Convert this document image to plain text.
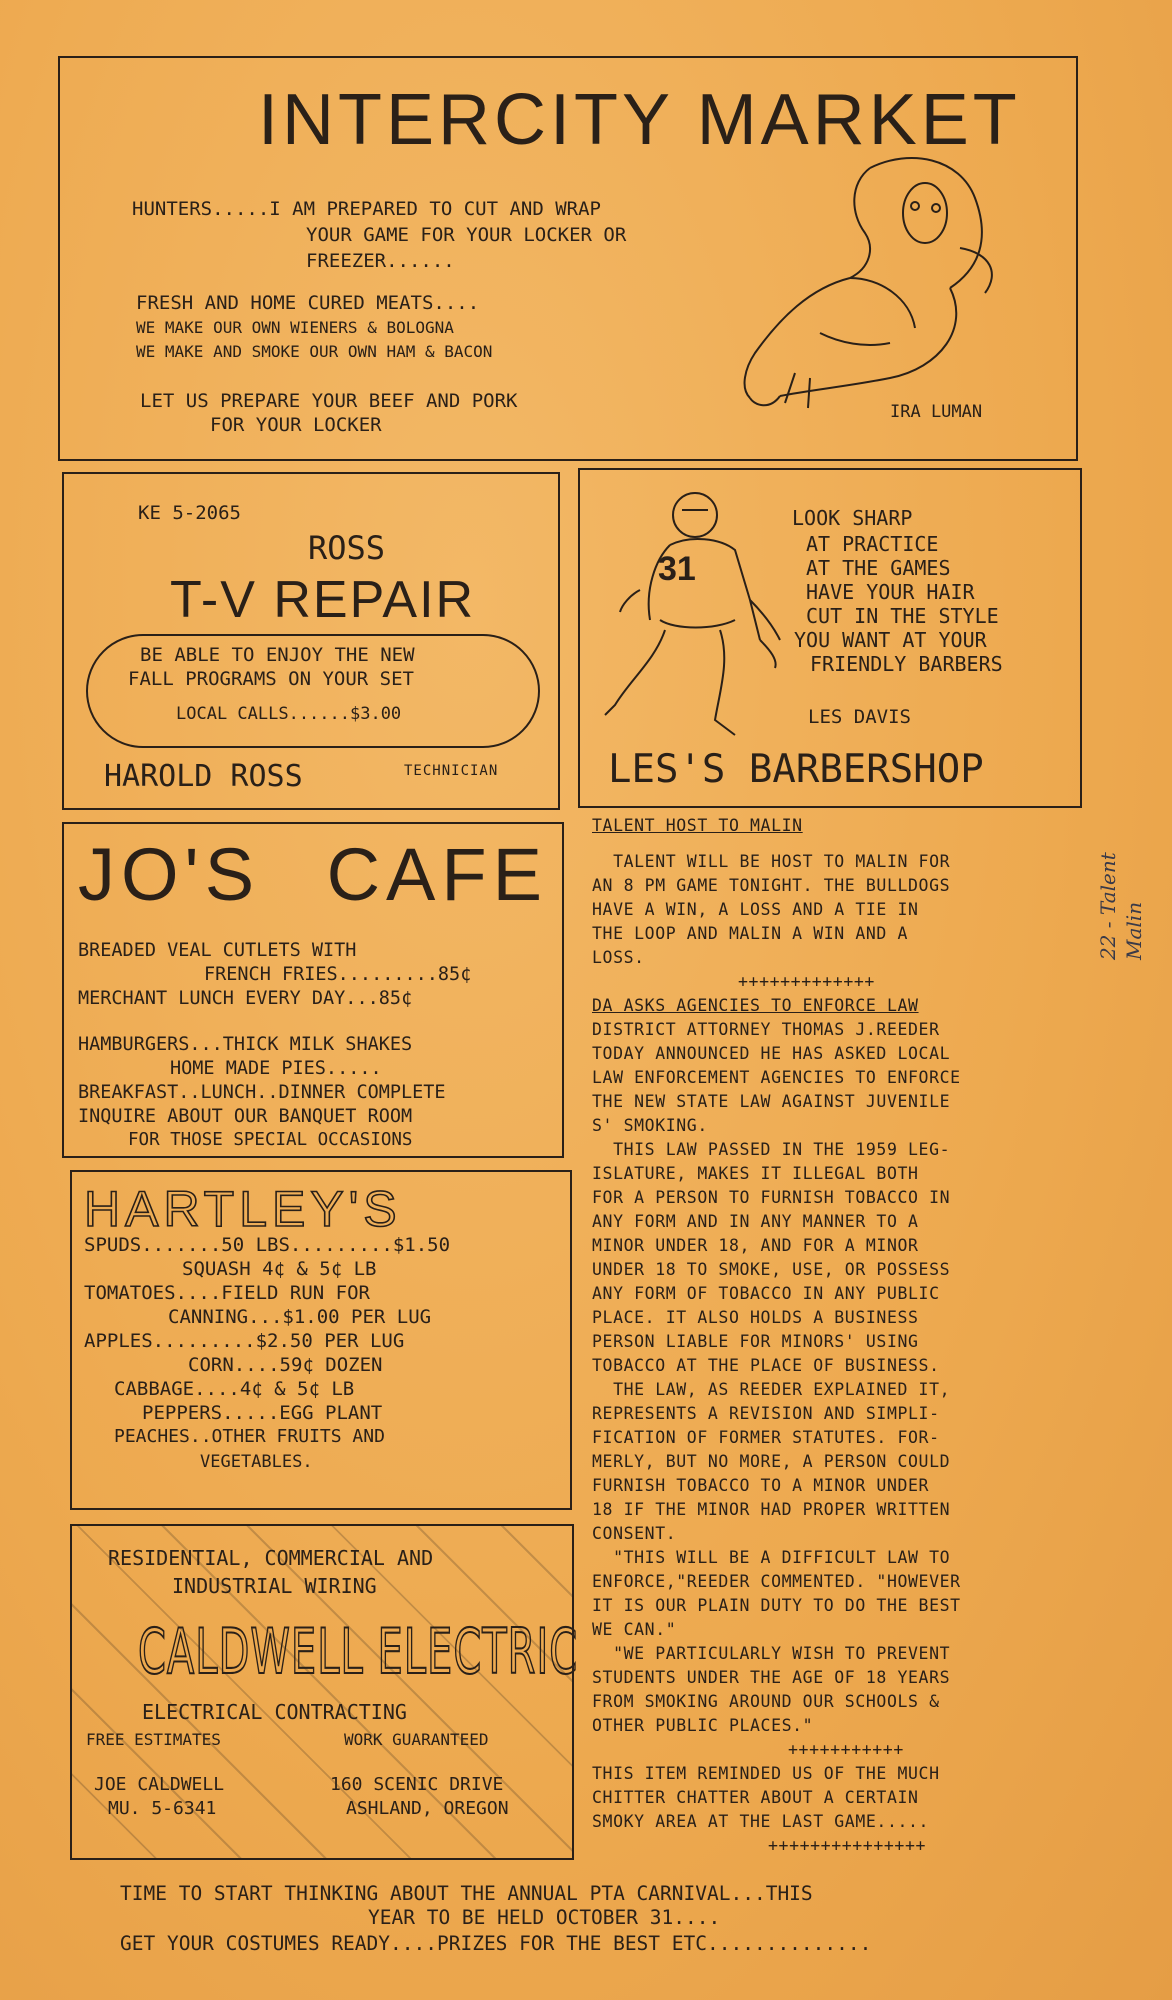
INTERCITY MARKET
HUNTERS.....I AM PREPARED TO CUT AND WRAP
YOUR GAME FOR YOUR LOCKER OR
FREEZER......
FRESH AND HOME CURED MEATS....
WE MAKE OUR OWN WIENERS & BOLOGNA
WE MAKE AND SMOKE OUR OWN HAM & BACON
LET US PREPARE YOUR BEEF AND PORK
FOR YOUR LOCKER
IRA LUMAN
KE 5-2065
ROSS
T-V REPAIR
BE ABLE TO ENJOY THE NEW
FALL PROGRAMS ON YOUR SET
LOCAL CALLS......$3.00
HAROLD ROSS	TECHNICIAN
31
LOOK SHARP
AT PRACTICE
AT THE GAMES
HAVE YOUR HAIR
CUT IN THE STYLE
YOU WANT AT YOUR
FRIENDLY BARBERS
LES DAVIS
LES'S BARBERSHOP
JO'S CAFE
BREADED VEAL CUTLETS WITH
FRENCH FRIES.........85¢
MERCHANT LUNCH EVERY DAY...85¢
HAMBURGERS...THICK MILK SHAKES
HOME MADE PIES.....
BREAKFAST..LUNCH..DINNER COMPLETE
INQUIRE ABOUT OUR BANQUET ROOM
FOR THOSE SPECIAL OCCASIONS
HARTLEY'S
SPUDS.......50 LBS.........$1.50
SQUASH 4¢ & 5¢ LB
TOMATOES....FIELD RUN FOR
CANNING...$1.00 PER LUG
APPLES.........$2.50 PER LUG
CORN....59¢ DOZEN
CABBAGE....4¢ & 5¢ LB
PEPPERS.....EGG PLANT
PEACHES..OTHER FRUITS AND
VEGETABLES.
RESIDENTIAL, COMMERCIAL AND
INDUSTRIAL WIRING
CALDWELL ELECTRIC
ELECTRICAL CONTRACTING
FREE ESTIMATES	WORK GUARANTEED
JOE CALDWELL
MU. 5-6341
160 SCENIC DRIVE
ASHLAND, OREGON

TALENT HOST TO MALIN

TALENT WILL BE HOST TO MALIN FOR

AN 8 PM GAME TONIGHT. THE BULLDOGS

HAVE A WIN, A LOSS AND A TIE IN

THE LOOP AND MALIN A WIN AND A

LOSS.

+++++++++++++

DA ASKS AGENCIES TO ENFORCE LAW

DISTRICT ATTORNEY THOMAS J.REEDER

TODAY ANNOUNCED HE HAS ASKED LOCAL

LAW ENFORCEMENT AGENCIES TO ENFORCE

THE NEW STATE LAW AGAINST JUVENILE

S' SMOKING.

THIS LAW PASSED IN THE 1959 LEG-

ISLATURE, MAKES IT ILLEGAL BOTH

FOR A PERSON TO FURNISH TOBACCO IN

ANY FORM AND IN ANY MANNER TO A

MINOR UNDER 18, AND FOR A MINOR

UNDER 18 TO SMOKE, USE, OR POSSESS

ANY FORM OF TOBACCO IN ANY PUBLIC

PLACE. IT ALSO HOLDS A BUSINESS

PERSON LIABLE FOR MINORS' USING

TOBACCO AT THE PLACE OF BUSINESS.

THE LAW, AS REEDER EXPLAINED IT,

REPRESENTS A REVISION AND SIMPLI-

FICATION OF FORMER STATUTES. FOR-

MERLY, BUT NO MORE, A PERSON COULD

FURNISH TOBACCO TO A MINOR UNDER

18 IF THE MINOR HAD PROPER WRITTEN

CONSENT.

"THIS WILL BE A DIFFICULT LAW TO

ENFORCE,"REEDER COMMENTED. "HOWEVER

IT IS OUR PLAIN DUTY TO DO THE BEST

WE CAN."

"WE PARTICULARLY WISH TO PREVENT

STUDENTS UNDER THE AGE OF 18 YEARS

FROM SMOKING AROUND OUR SCHOOLS &

OTHER PUBLIC PLACES."

+++++++++++

THIS ITEM REMINDED US OF THE MUCH

CHITTER CHATTER ABOUT A CERTAIN

SMOKY AREA AT THE LAST GAME.....

+++++++++++++++

22 - Talent Malin
TIME TO START THINKING ABOUT THE ANNUAL PTA CARNIVAL...THIS
YEAR TO BE HELD OCTOBER 31....
GET YOUR COSTUMES READY....PRIZES FOR THE BEST ETC..............
